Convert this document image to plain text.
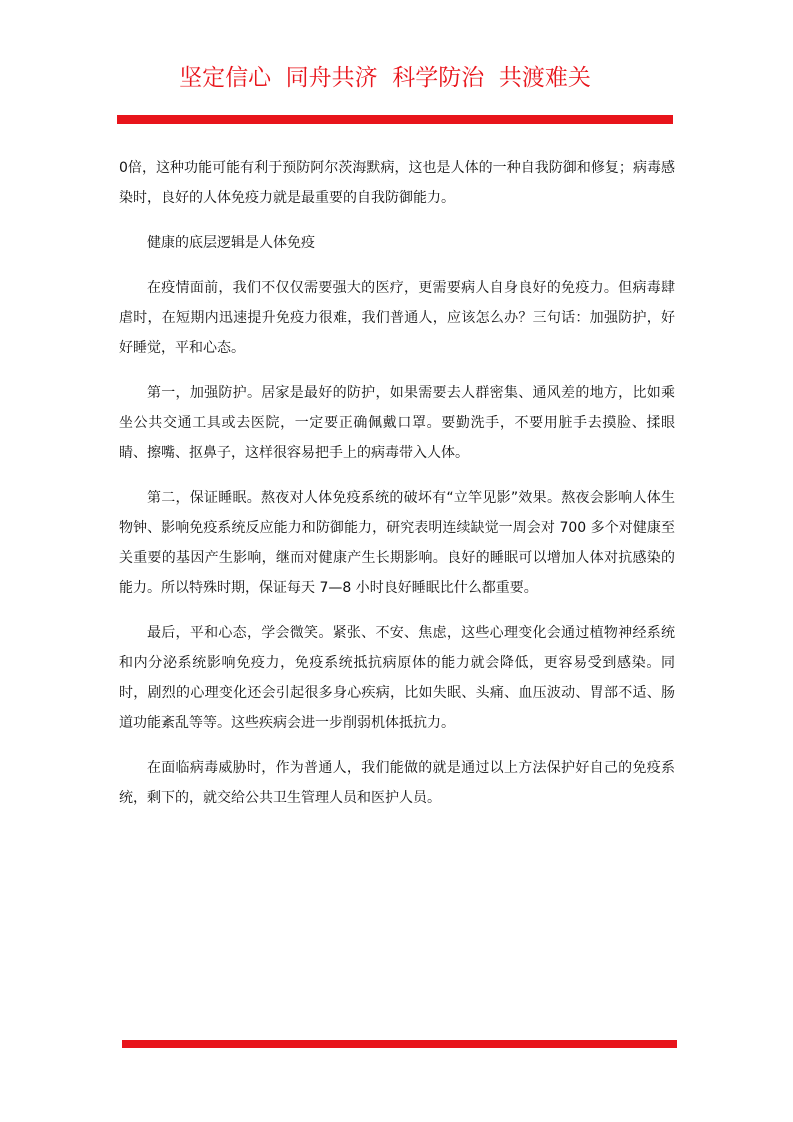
坚定信心  同舟共济  科学防治  共渡难关

0倍，这种功能可能有利于预防阿尔茨海默病，这也是人体的一种自我防御和修复；病毒感染时，良好的人体免疫力就是最重要的自我防御能力。

健康的底层逻辑是人体免疫

在疫情面前，我们不仅仅需要强大的医疗，更需要病人自身良好的免疫力。但病毒肆虐时，在短期内迅速提升免疫力很难，我们普通人，应该怎么办？三句话：加强防护，好好睡觉，平和心态。

第一，加强防护。居家是最好的防护，如果需要去人群密集、通风差的地方，比如乘坐公共交通工具或去医院，一定要正确佩戴口罩。要勤洗手，不要用脏手去摸脸、揉眼睛、擦嘴、抠鼻子，这样很容易把手上的病毒带入人体。

第二，保证睡眠。熬夜对人体免疫系统的破坏有“立竿见影”效果。熬夜会影响人体生物钟、影响免疫系统反应能力和防御能力，研究表明连续缺觉一周会对 700 多个对健康至关重要的基因产生影响，继而对健康产生长期影响。良好的睡眠可以增加人体对抗感染的能力。所以特殊时期，保证每天 7—8 小时良好睡眠比什么都重要。

最后，平和心态，学会微笑。紧张、不安、焦虑，这些心理变化会通过植物神经系统和内分泌系统影响免疫力，免疫系统抵抗病原体的能力就会降低，更容易受到感染。同时，剧烈的心理变化还会引起很多身心疾病，比如失眠、头痛、血压波动、胃部不适、肠道功能紊乱等等。这些疾病会进一步削弱机体抵抗力。

在面临病毒威胁时，作为普通人，我们能做的就是通过以上方法保护好自己的免疫系统，剩下的，就交给公共卫生管理人员和医护人员。
